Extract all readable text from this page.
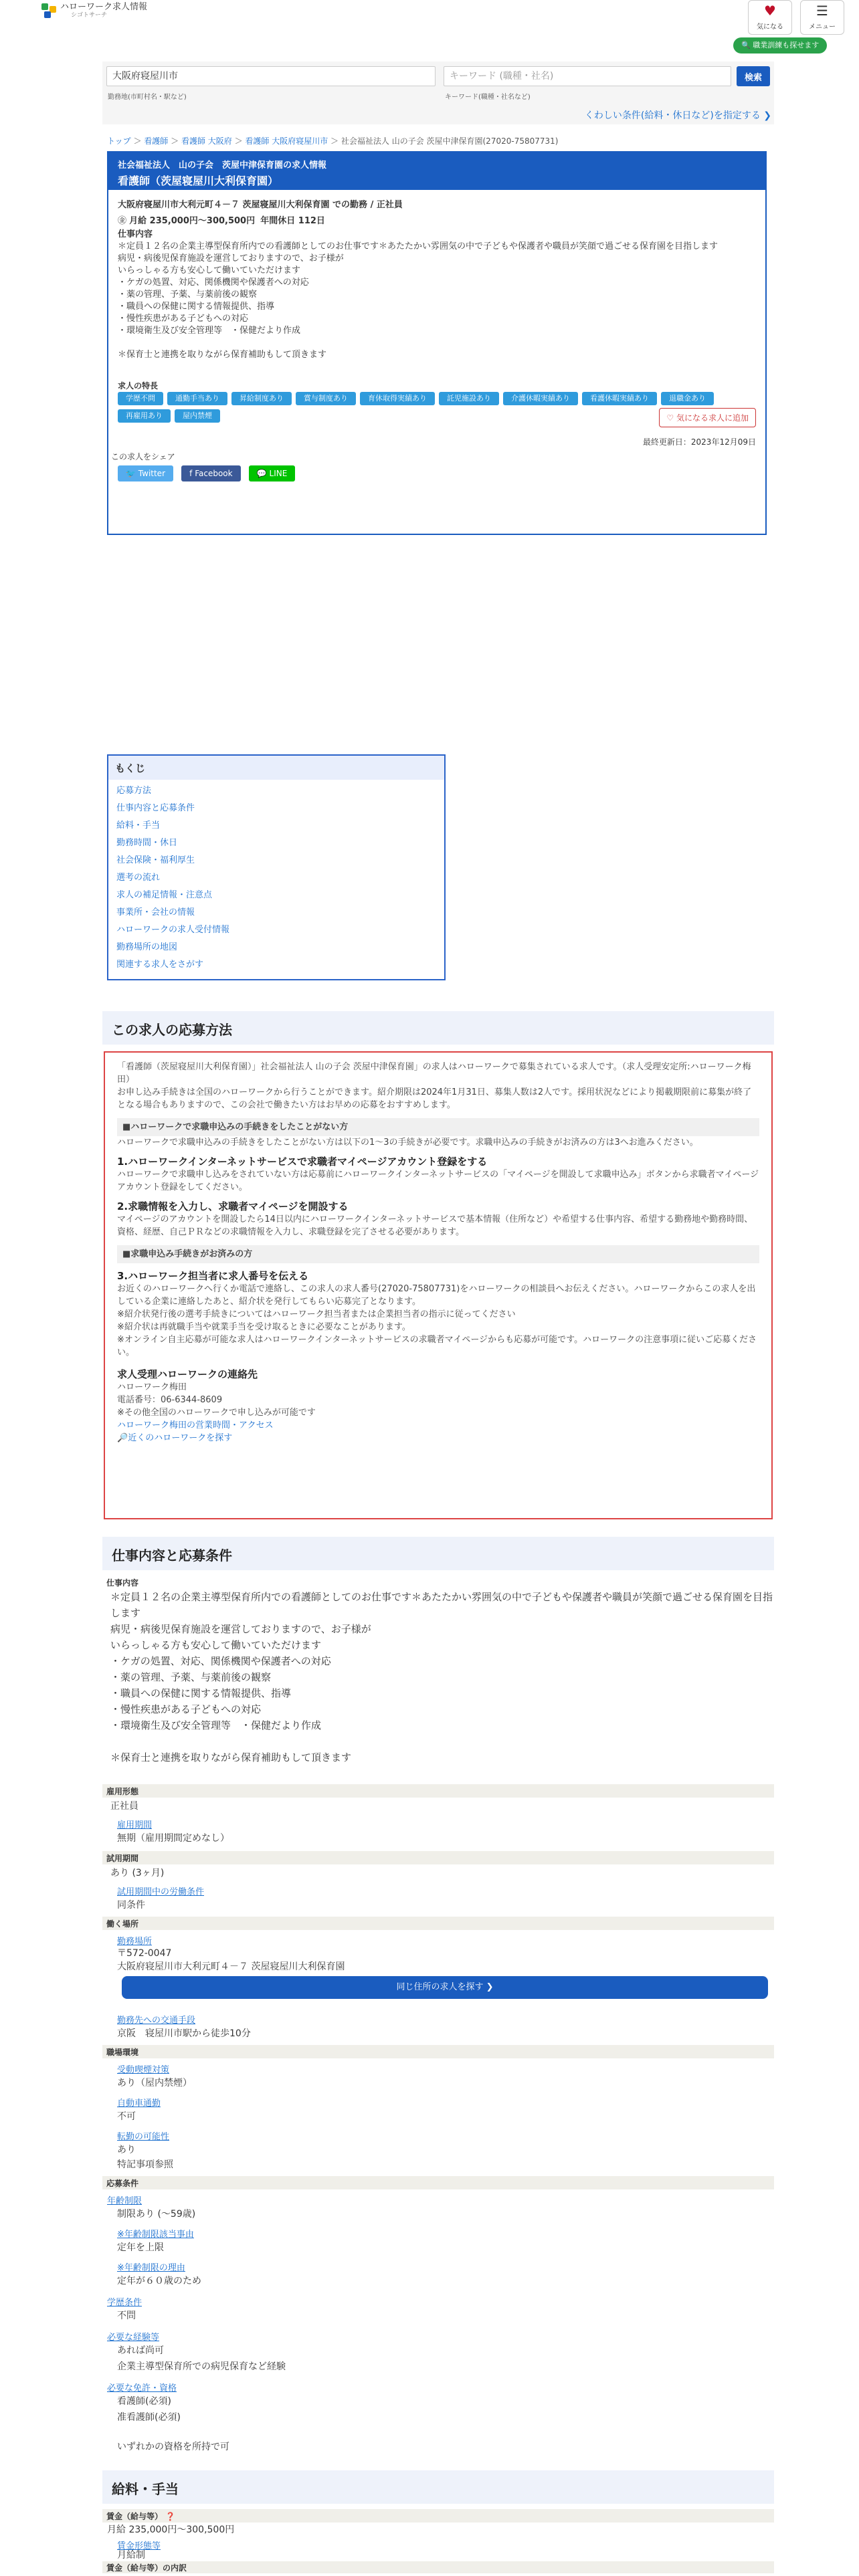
ハローワーク求人情報
シゴトサーチ	♥
気になる
☰
メニュー
🔍 職業訓練も探せます
大阪府寝屋川市	キーワード (職種・社名)	検索
勤務地(市町村名・駅など)	キーワード(職種・社名など)
くわしい条件(給料・休日など)を指定する ❯
トップ ＞ 看護師 ＞ 看護師 大阪府 ＞ 看護師 大阪府寝屋川市 ＞ 社会福祉法人 山の子会 茨屋中津保育園(27020-75807731)
社会福祉法人　山の子会　茨屋中津保育園の求人情報
看護師（茨屋寝屋川大利保育園）
大阪府寝屋川市大利元町４－７ 茨屋寝屋川大利保育園 での勤務 / 正社員
㊎ 月給 235,000円〜300,500円 年間休日 112日
仕事内容
＊定員１２名の企業主導型保育所内での看護師としてのお仕事です＊あたたかい雰囲気の中で子どもや保護者や職員が笑顔で過ごせる保育園を目指します
病児・病後児保育施設を運営しておりますので、お子様が
いらっしゃる方も安心して働いていただけます
・ケガの処置、対応、関係機関や保護者への対応
・薬の管理、予薬、与薬前後の観察
・職員への保健に関する情報提供、指導
・慢性疾患がある子どもへの対応
・環境衛生及び安全管理等　・保健だより作成

＊保育士と連携を取りながら保育補助もして頂きます
求人の特長
学歴不問	通勤手当あり	昇給制度あり	賞与制度あり	育休取得実績あり	託児施設あり	介護休暇実績あり	看護休暇実績あり	退職金あり
再雇用あり	屋内禁煙
最終更新日：2023年12月09日
この求人をシェア
🐦 Twitter	f Facebook	💬 LINE
♡ 気になる求人に追加
もくじ
応募方法
仕事内容と応募条件
給料・手当
勤務時間・休日
社会保険・福利厚生
選考の流れ
求人の補足情報・注意点
事業所・会社の情報
ハローワークの求人受付情報
勤務場所の地図
関連する求人をさがす
この求人の応募方法
「看護師（茨屋寝屋川大利保育園）」社会福祉法人 山の子会 茨屋中津保育園」の求人はハローワークで募集されている求人です。（求人受理安定所:ハローワーク梅田）
お申し込み手続きは全国のハローワークから行うことができます。紹介期限は2024年1月31日、募集人数は2人です。採用状況などにより掲載期限前に募集が終了となる場合もありますので、この会社で働きたい方はお早めの応募をおすすめします。
■ハローワークで求職申込みの手続きをしたことがない方
ハローワークで求職申込みの手続きをしたことがない方は以下の1〜3の手続きが必要です。求職申込みの手続きがお済みの方は3へお進みください。
1.ハローワークインターネットサービスで求職者マイページアカウント登録をする
ハローワークで求職申し込みをされていない方は応募前にハローワークインターネットサービスの「マイページを開設して求職申込み」ボタンから求職者マイページアカウント登録をしてください。
2.求職情報を入力し、求職者マイページを開設する
マイページのアカウントを開設したら14日以内にハローワークインターネットサービスで基本情報（住所など）や希望する仕事内容、希望する勤務地や勤務時間、資格、経歴、自己ＰＲなどの求職情報を入力し、求職登録を完了させる必要があります。
■求職申込み手続きがお済みの方
3.ハローワーク担当者に求人番号を伝える
お近くのハローワークへ行くか電話で連絡し、この求人の求人番号(27020-75807731)をハローワークの相談員へお伝えください。ハローワークからこの求人を出している企業に連絡したあと、紹介状を発行してもらい応募完了となります。
※紹介状発行後の選考手続きについてはハローワーク担当者または企業担当者の指示に従ってください
※紹介状は再就職手当や就業手当を受け取るときに必要なことがあります。
※オンライン自主応募が可能な求人はハローワークインターネットサービスの求職者マイページからも応募が可能です。ハローワークの注意事項に従いご応募ください。
求人受理ハローワークの連絡先
ハローワーク梅田
電話番号：06-6344-8609
※その他全国のハローワークで申し込みが可能です
ハローワーク梅田の営業時間・アクセス
🔎近くのハローワークを探す
仕事内容と応募条件
仕事内容
＊定員１２名の企業主導型保育所内での看護師としてのお仕事です＊あたたかい雰囲気の中で子どもや保護者や職員が笑顔で過ごせる保育園を目指します
病児・病後児保育施設を運営しておりますので、お子様が
いらっしゃる方も安心して働いていただけます
・ケガの処置、対応、関係機関や保護者への対応
・薬の管理、予薬、与薬前後の観察
・職員への保健に関する情報提供、指導
・慢性疾患がある子どもへの対応
・環境衛生及び安全管理等　・保健だより作成

＊保育士と連携を取りながら保育補助もして頂きます
雇用形態
正社員
雇用期間
無期（雇用期間定めなし）
試用期間
あり (3ヶ月)
試用期間中の労働条件
同条件
働く場所
勤務場所
〒572-0047
大阪府寝屋川市大利元町４－７ 茨屋寝屋川大利保育園
同じ住所の求人を探す ❯
勤務先への交通手段
京阪　寝屋川市駅から徒歩10分
職場環境
受動喫煙対策
あり（屋内禁煙）
自動車通勤
不可
転勤の可能性
あり
特記事項参照
応募条件
年齢制限
制限あり (〜59歳)
※年齢制限該当事由
定年を上限
※年齢制限の理由
定年が６０歳のため
学歴条件
不問
必要な経験等
あれば尚可
企業主導型保育所での病児保育など経験
必要な免許・資格
看護師(必須)
准看護師(必須)
いずれかの資格を所持で可
給料・手当
賃金（給与等） ❓
月給 235,000円〜300,500円
賃金形態等
月給制
賃金（給与等）の内訳
